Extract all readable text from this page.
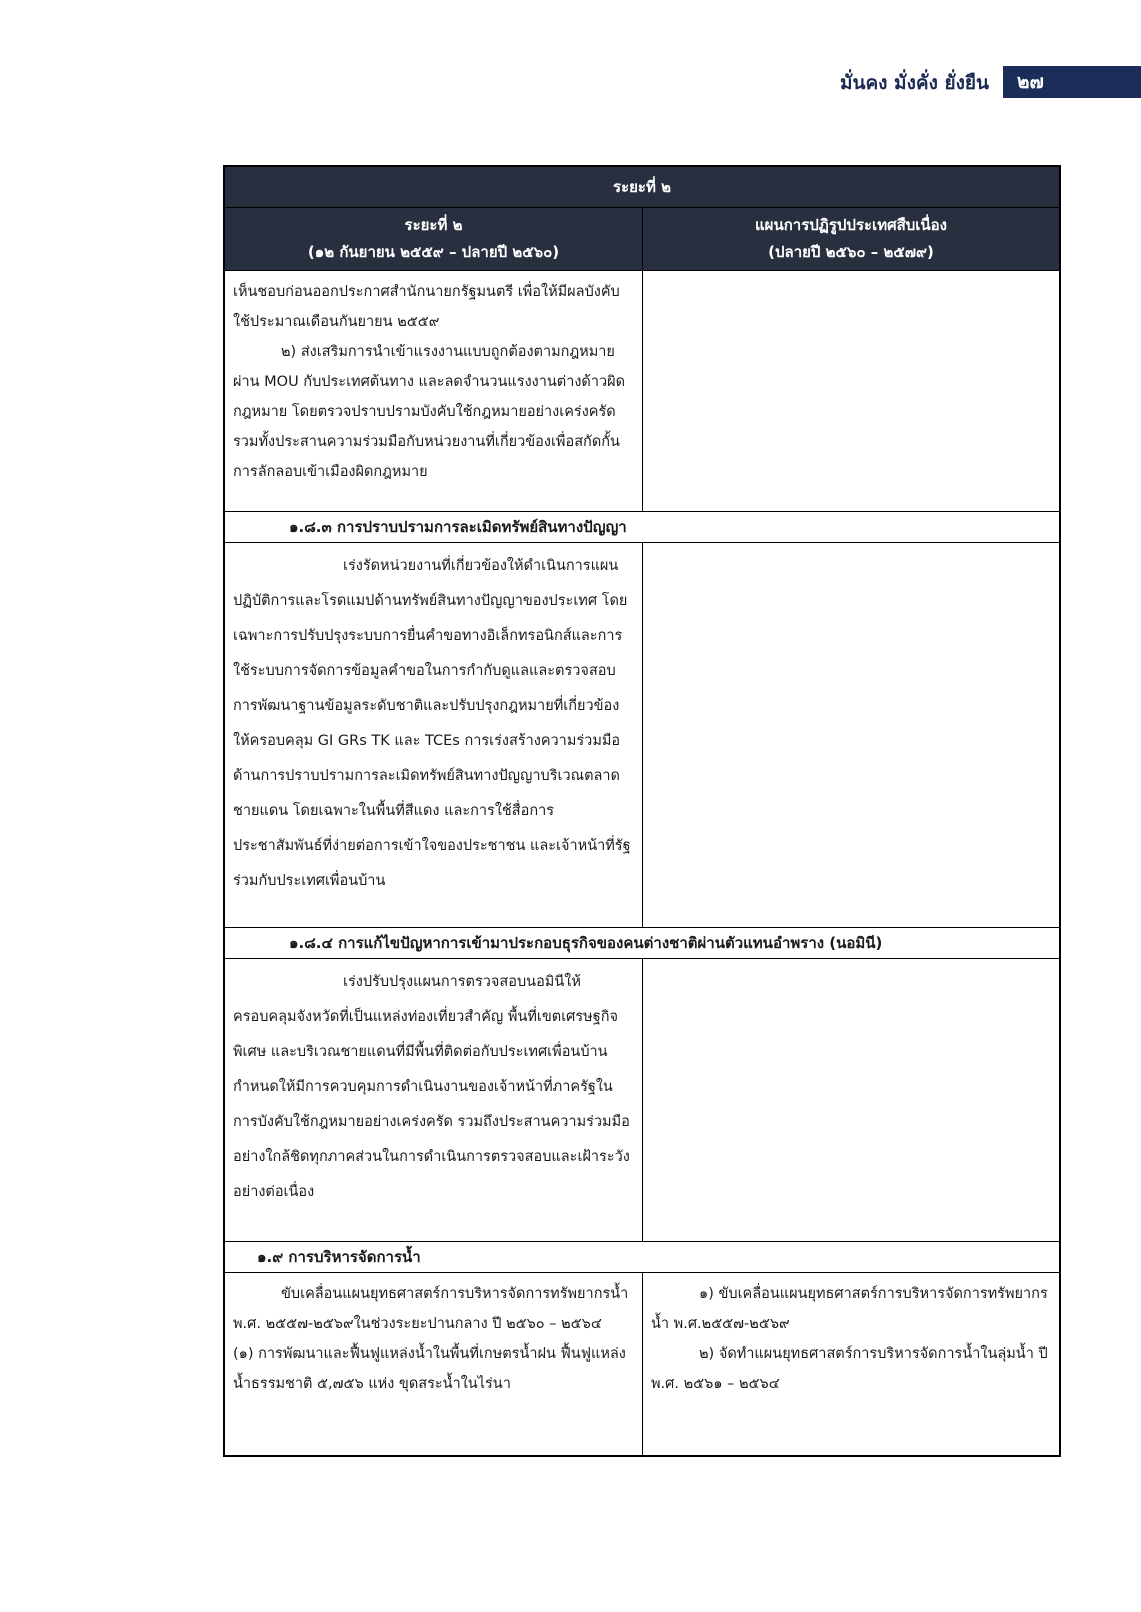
มั่นคง มั่งคั่ง ยั่งยืน ๒๗
ระยะที่ ๒
ระยะที่ ๒
(๑๒ กันยายน ๒๕๕๙ – ปลายปี ๒๕๖๐)
แผนการปฏิรูปประเทศสืบเนื่อง
(ปลายปี ๒๕๖๐ – ๒๕๗๙)

เห็นชอบก่อนออกประกาศสำนักนายกรัฐมนตรี เพื่อให้มีผลบังคับใช้ประมาณเดือนกันยายน ๒๕๕๙

๒) ส่งเสริมการนำเข้าแรงงานแบบถูกต้องตามกฎหมายผ่าน MOU กับประเทศต้นทาง และลดจำนวนแรงงานต่างด้าวผิดกฎหมาย โดยตรวจปราบปรามบังคับใช้กฎหมายอย่างเคร่งครัด รวมทั้งประสานความร่วมมือกับหน่วยงานที่เกี่ยวข้องเพื่อสกัดกั้นการลักลอบเข้าเมืองผิดกฎหมาย

๑.๘.๓ การปราบปรามการละเมิดทรัพย์สินทางปัญญา

เร่งรัดหน่วยงานที่เกี่ยวข้องให้ดำเนินการแผนปฏิบัติการและโรดแมปด้านทรัพย์สินทางปัญญาของประเทศ โดยเฉพาะการปรับปรุงระบบการยื่นคำขอทางอิเล็กทรอนิกส์และการใช้ระบบการจัดการข้อมูลคำขอในการกำกับดูแลและตรวจสอบ การพัฒนาฐานข้อมูลระดับชาติและปรับปรุงกฎหมายที่เกี่ยวข้องให้ครอบคลุม GI GRs TK และ TCEs การเร่งสร้างความร่วมมือด้านการปราบปรามการละเมิดทรัพย์สินทางปัญญาบริเวณตลาดชายแดน โดยเฉพาะในพื้นที่สีแดง และการใช้สื่อการประชาสัมพันธ์ที่ง่ายต่อการเข้าใจของประชาชน และเจ้าหน้าที่รัฐ ร่วมกับประเทศเพื่อนบ้าน

๑.๘.๔ การแก้ไขปัญหาการเข้ามาประกอบธุรกิจของคนต่างชาติผ่านตัวแทนอำพราง (นอมินี)

เร่งปรับปรุงแผนการตรวจสอบนอมินีให้ครอบคลุมจังหวัดที่เป็นแหล่งท่องเที่ยวสำคัญ พื้นที่เขตเศรษฐกิจพิเศษ และบริเวณชายแดนที่มีพื้นที่ติดต่อกับประเทศเพื่อนบ้าน กำหนดให้มีการควบคุมการดำเนินงานของเจ้าหน้าที่ภาครัฐในการบังคับใช้กฎหมายอย่างเคร่งครัด รวมถึงประสานความร่วมมืออย่างใกล้ชิดทุกภาคส่วนในการดำเนินการตรวจสอบและเฝ้าระวังอย่างต่อเนื่อง

๑.๙ การบริหารจัดการน้ำ

ขับเคลื่อนแผนยุทธศาสตร์การบริหารจัดการทรัพยากรน้ำ พ.ศ. ๒๕๕๗-๒๕๖๙ในช่วงระยะปานกลาง ปี ๒๕๖๐ – ๒๕๖๔

(๑) การพัฒนาและฟื้นฟูแหล่งน้ำในพื้นที่เกษตรน้ำฝน ฟื้นฟูแหล่งน้ำธรรมชาติ ๕,๗๕๖ แห่ง ขุดสระน้ำในไร่นา

๑) ขับเคลื่อนแผนยุทธศาสตร์การบริหารจัดการทรัพยากรน้ำ พ.ศ.๒๕๕๗-๒๕๖๙

๒) จัดทำแผนยุทธศาสตร์การบริหารจัดการน้ำในลุ่มน้ำ ปี พ.ศ. ๒๕๖๑ – ๒๕๖๔
